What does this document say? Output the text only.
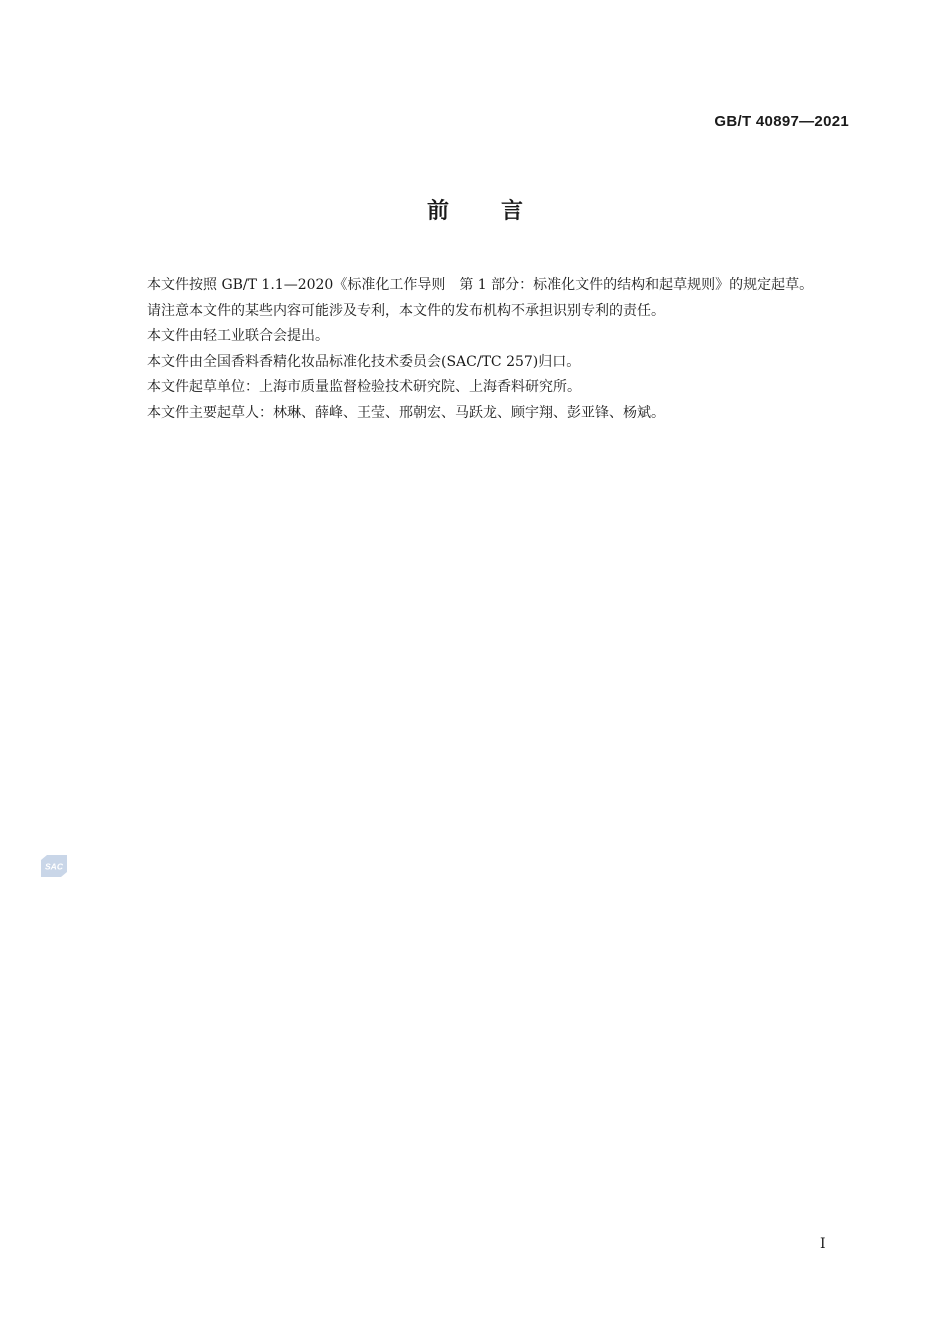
GB/T 40897—2021
前言

本文件按照 GB/T 1.1—2020《标准化工作导则　第 1 部分：标准化文件的结构和起草规则》的规定起草。

请注意本文件的某些内容可能涉及专利，本文件的发布机构不承担识别专利的责任。

本文件由轻工业联合会提出。

本文件由全国香料香精化妆品标准化技术委员会(SAC/TC 257)归口。

本文件起草单位：上海市质量监督检验技术研究院、上海香料研究所。

本文件主要起草人：林琳、薛峰、王莹、邢朝宏、马跃龙、顾宇翔、彭亚锋、杨斌。

SAC
I
